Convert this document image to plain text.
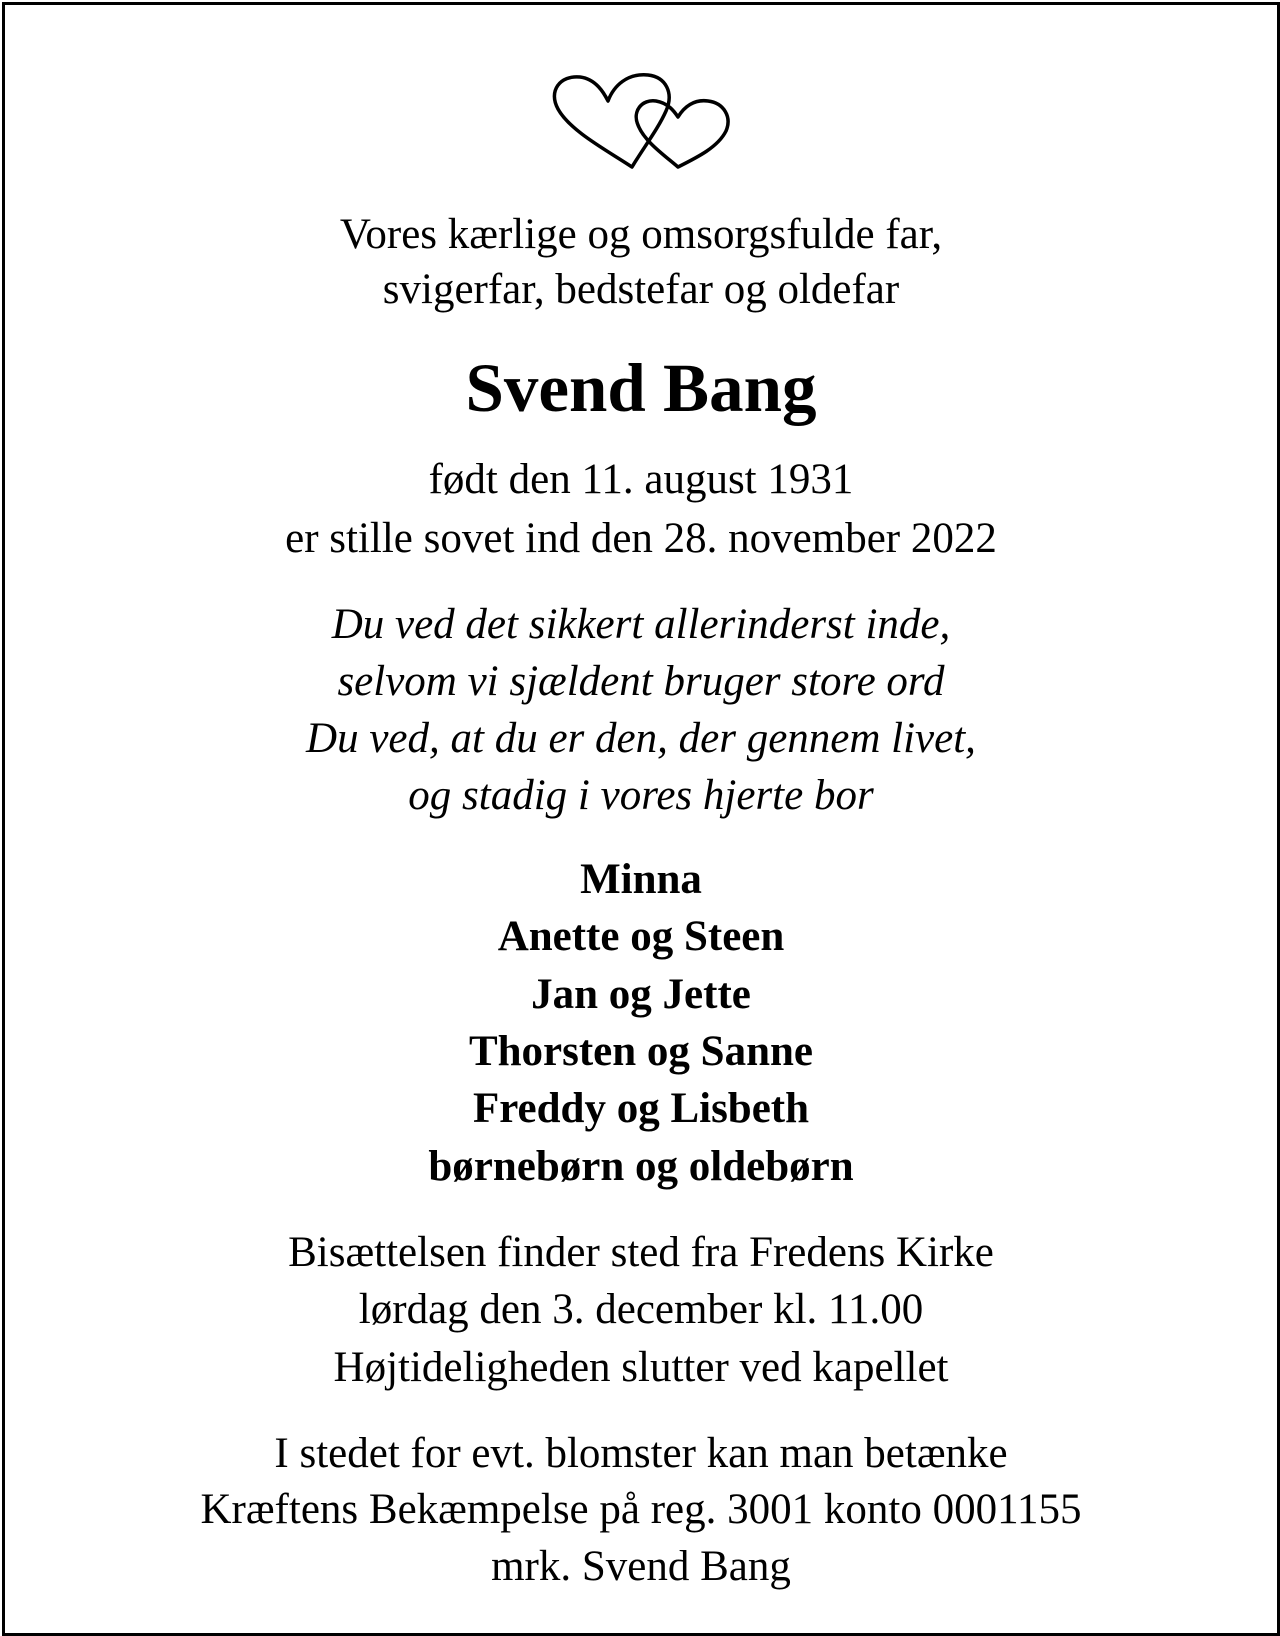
Vores kærlige og omsorgsfulde far,
svigerfar, bedstefar og oldefar
Svend Bang
født den 11. august 1931
er stille sovet ind den 28. november 2022
Du ved det sikkert allerinderst inde,
selvom vi sjældent bruger store ord
Du ved, at du er den, der gennem livet,
og stadig i vores hjerte bor
Minna
Anette og Steen
Jan og Jette
Thorsten og Sanne
Freddy og Lisbeth
børnebørn og oldebørn
Bisættelsen finder sted fra Fredens Kirke
lørdag den 3. december kl. 11.00
Højtideligheden slutter ved kapellet
I stedet for evt. blomster kan man betænke
Kræftens Bekæmpelse på reg. 3001 konto 0001155
mrk. Svend Bang
